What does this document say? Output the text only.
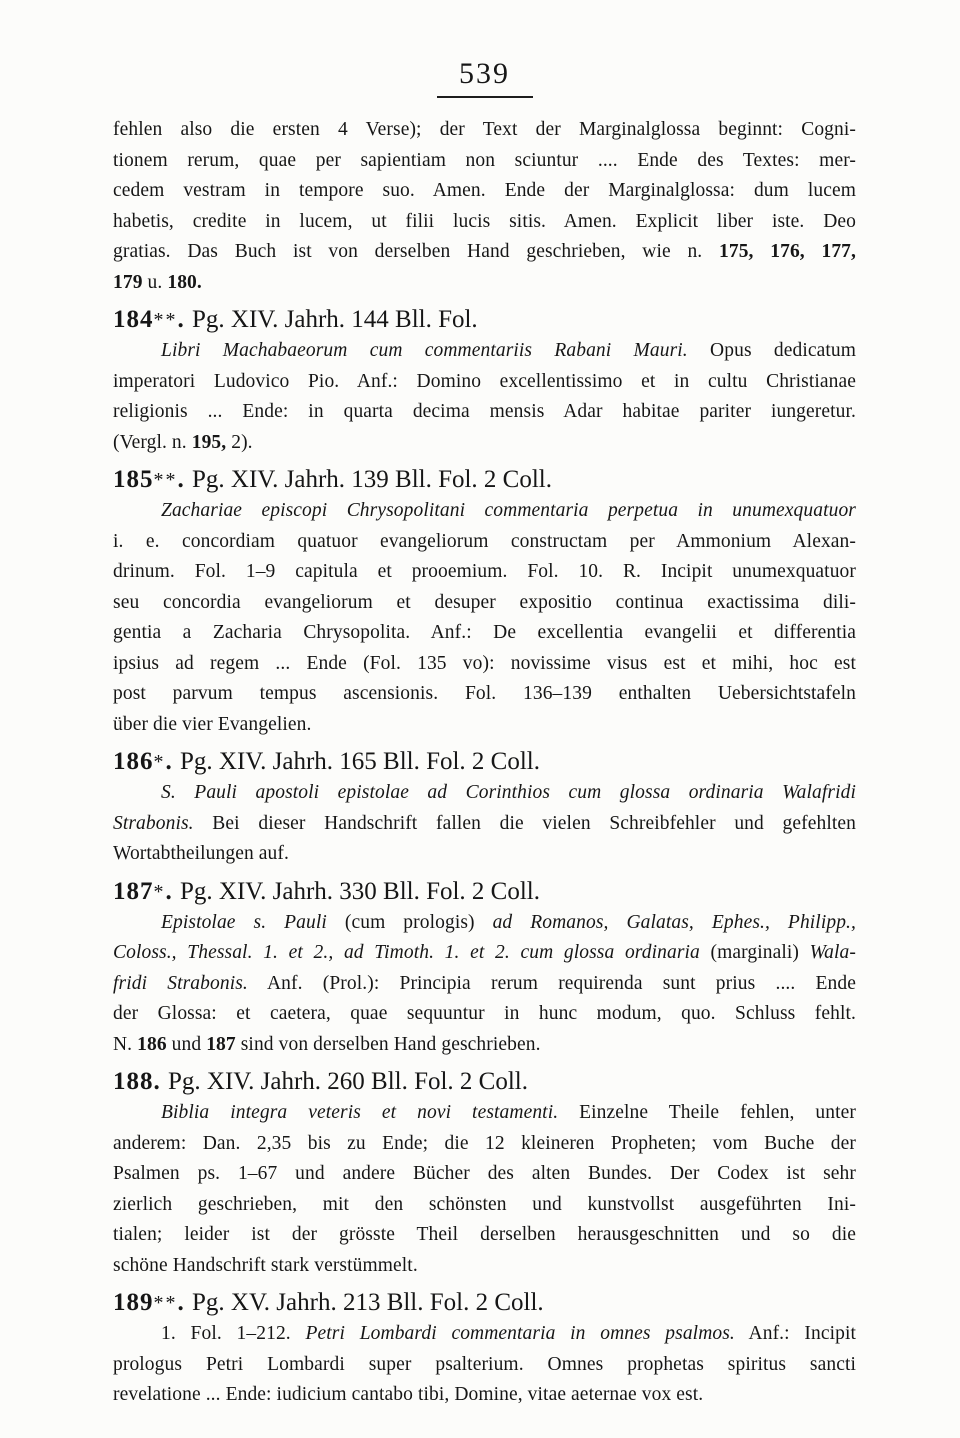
539
fehlen also die ersten 4 Verse); der Text der Marginalglossa beginnt: Cogni-
tionem rerum, quae per sapientiam non sciuntur .... Ende des Textes: mer-
cedem vestram in tempore suo. Amen. Ende der Marginalglossa: dum lucem
habetis, credite in lucem, ut filii lucis sitis. Amen. Explicit liber iste. Deo
gratias. Das Buch ist von derselben Hand geschrieben, wie n. 175, 176, 177,
179 u. 180.
184**. Pg. XIV. Jahrh. 144 Bll. Fol.
Libri Machabaeorum cum commentariis Rabani Mauri. Opus dedicatum
imperatori Ludovico Pio. Anf.: Domino excellentissimo et in cultu Christianae
religionis ... Ende: in quarta decima mensis Adar habitae pariter iungeretur.
(Vergl. n. 195, 2).
185**. Pg. XIV. Jahrh. 139 Bll. Fol. 2 Coll.
Zachariae episcopi Chrysopolitani commentaria perpetua in unumexquatuor
i. e. concordiam quatuor evangeliorum constructam per Ammonium Alexan-
drinum. Fol. 1–9 capitula et prooemium. Fol. 10. R. Incipit unumexquatuor
seu concordia evangeliorum et desuper expositio continua exactissima dili-
gentia a Zacharia Chrysopolita. Anf.: De excellentia evangelii et differentia
ipsius ad regem ... Ende (Fol. 135 vo): novissime visus est et mihi, hoc est
post parvum tempus ascensionis. Fol. 136–139 enthalten Uebersichtstafeln
über die vier Evangelien.
186*. Pg. XIV. Jahrh. 165 Bll. Fol. 2 Coll.
S. Pauli apostoli epistolae ad Corinthios cum glossa ordinaria Walafridi
Strabonis. Bei dieser Handschrift fallen die vielen Schreibfehler und gefehlten
Wortabtheilungen auf.
187*. Pg. XIV. Jahrh. 330 Bll. Fol. 2 Coll.
Epistolae s. Pauli (cum prologis) ad Romanos, Galatas, Ephes., Philipp.,
Coloss., Thessal. 1. et 2., ad Timoth. 1. et 2. cum glossa ordinaria (marginali) Wala-
fridi Strabonis. Anf. (Prol.): Principia rerum requirenda sunt prius .... Ende
der Glossa: et caetera, quae sequuntur in hunc modum, quo. Schluss fehlt.
N. 186 und 187 sind von derselben Hand geschrieben.
188. Pg. XIV. Jahrh. 260 Bll. Fol. 2 Coll.
Biblia integra veteris et novi testamenti. Einzelne Theile fehlen, unter
anderem: Dan. 2,35 bis zu Ende; die 12 kleineren Propheten; vom Buche der
Psalmen ps. 1–67 und andere Bücher des alten Bundes. Der Codex ist sehr
zierlich geschrieben, mit den schönsten und kunstvollst ausgeführten Ini-
tialen; leider ist der grösste Theil derselben herausgeschnitten und so die
schöne Handschrift stark verstümmelt.
189**. Pg. XV. Jahrh. 213 Bll. Fol. 2 Coll.
1. Fol. 1–212. Petri Lombardi commentaria in omnes psalmos. Anf.: Incipit
prologus Petri Lombardi super psalterium. Omnes prophetas spiritus sancti
revelatione ... Ende: iudicium cantabo tibi, Domine, vitae aeternae vox est.
